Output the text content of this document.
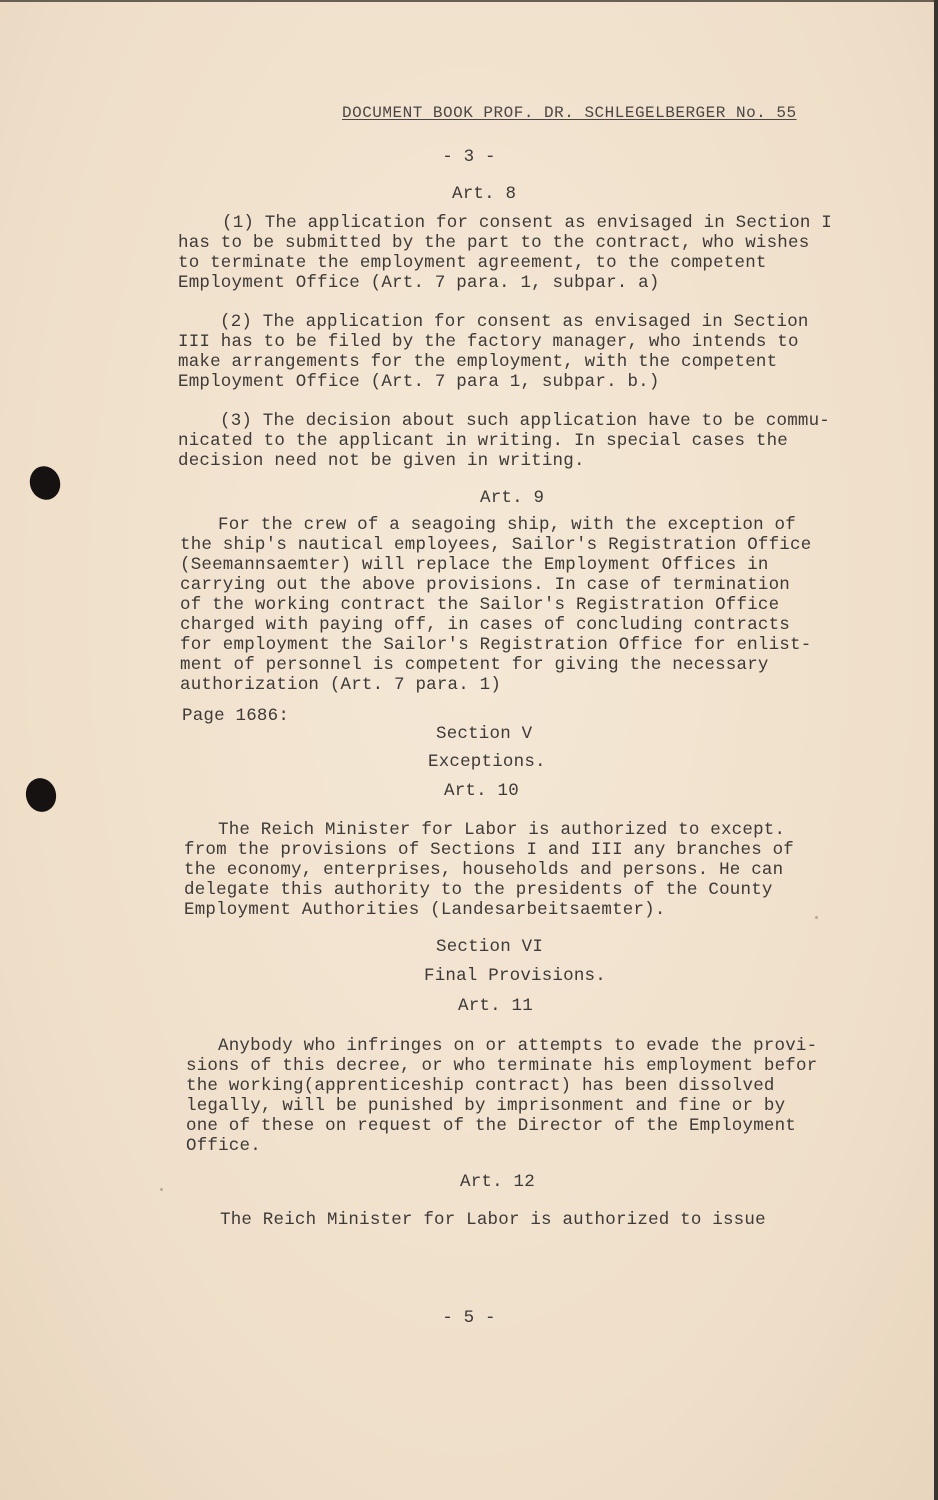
DOCUMENT BOOK PROF. DR. SCHLEGELBERGER No. 55
- 3 -
Art. 8
(1) The application for consent as envisaged in Section I
has to be submitted by the part to the contract, who wishes
to terminate the employment agreement, to the competent
Employment Office (Art. 7 para. 1, subpar. a)
(2) The application for consent as envisaged in Section
III has to be filed by the factory manager, who intends to
make arrangements for the employment, with the competent
Employment Office (Art. 7 para 1, subpar. b.)
(3) The decision about such application have to be commu-
nicated to the applicant in writing. In special cases the
decision need not be given in writing.
Art. 9
For the crew of a seagoing ship, with the exception of
the ship's nautical employees, Sailor's Registration Office
(Seemannsaemter) will replace the Employment Offices in
carrying out the above provisions. In case of termination
of the working contract the Sailor's Registration Office
charged with paying off, in cases of concluding contracts
for employment the Sailor's Registration Office for enlist-
ment of personnel is competent for giving the necessary
authorization (Art. 7 para. 1)
Page 1686:
Section V
Exceptions.
Art. 10
The Reich Minister for Labor is authorized to except.
from the provisions of Sections I and III any branches of
the economy, enterprises, households and persons. He can
delegate this authority to the presidents of the County
Employment Authorities (Landesarbeitsaemter).
Section VI
Final Provisions.
Art. 11
Anybody who infringes on or attempts to evade the provi-
sions of this decree, or who terminate his employment befor
the working(apprenticeship contract) has been dissolved
legally, will be punished by imprisonment and fine or by
one of these on request of the Director of the Employment
Office.
Art. 12
The Reich Minister for Labor is authorized to issue
- 5 -
